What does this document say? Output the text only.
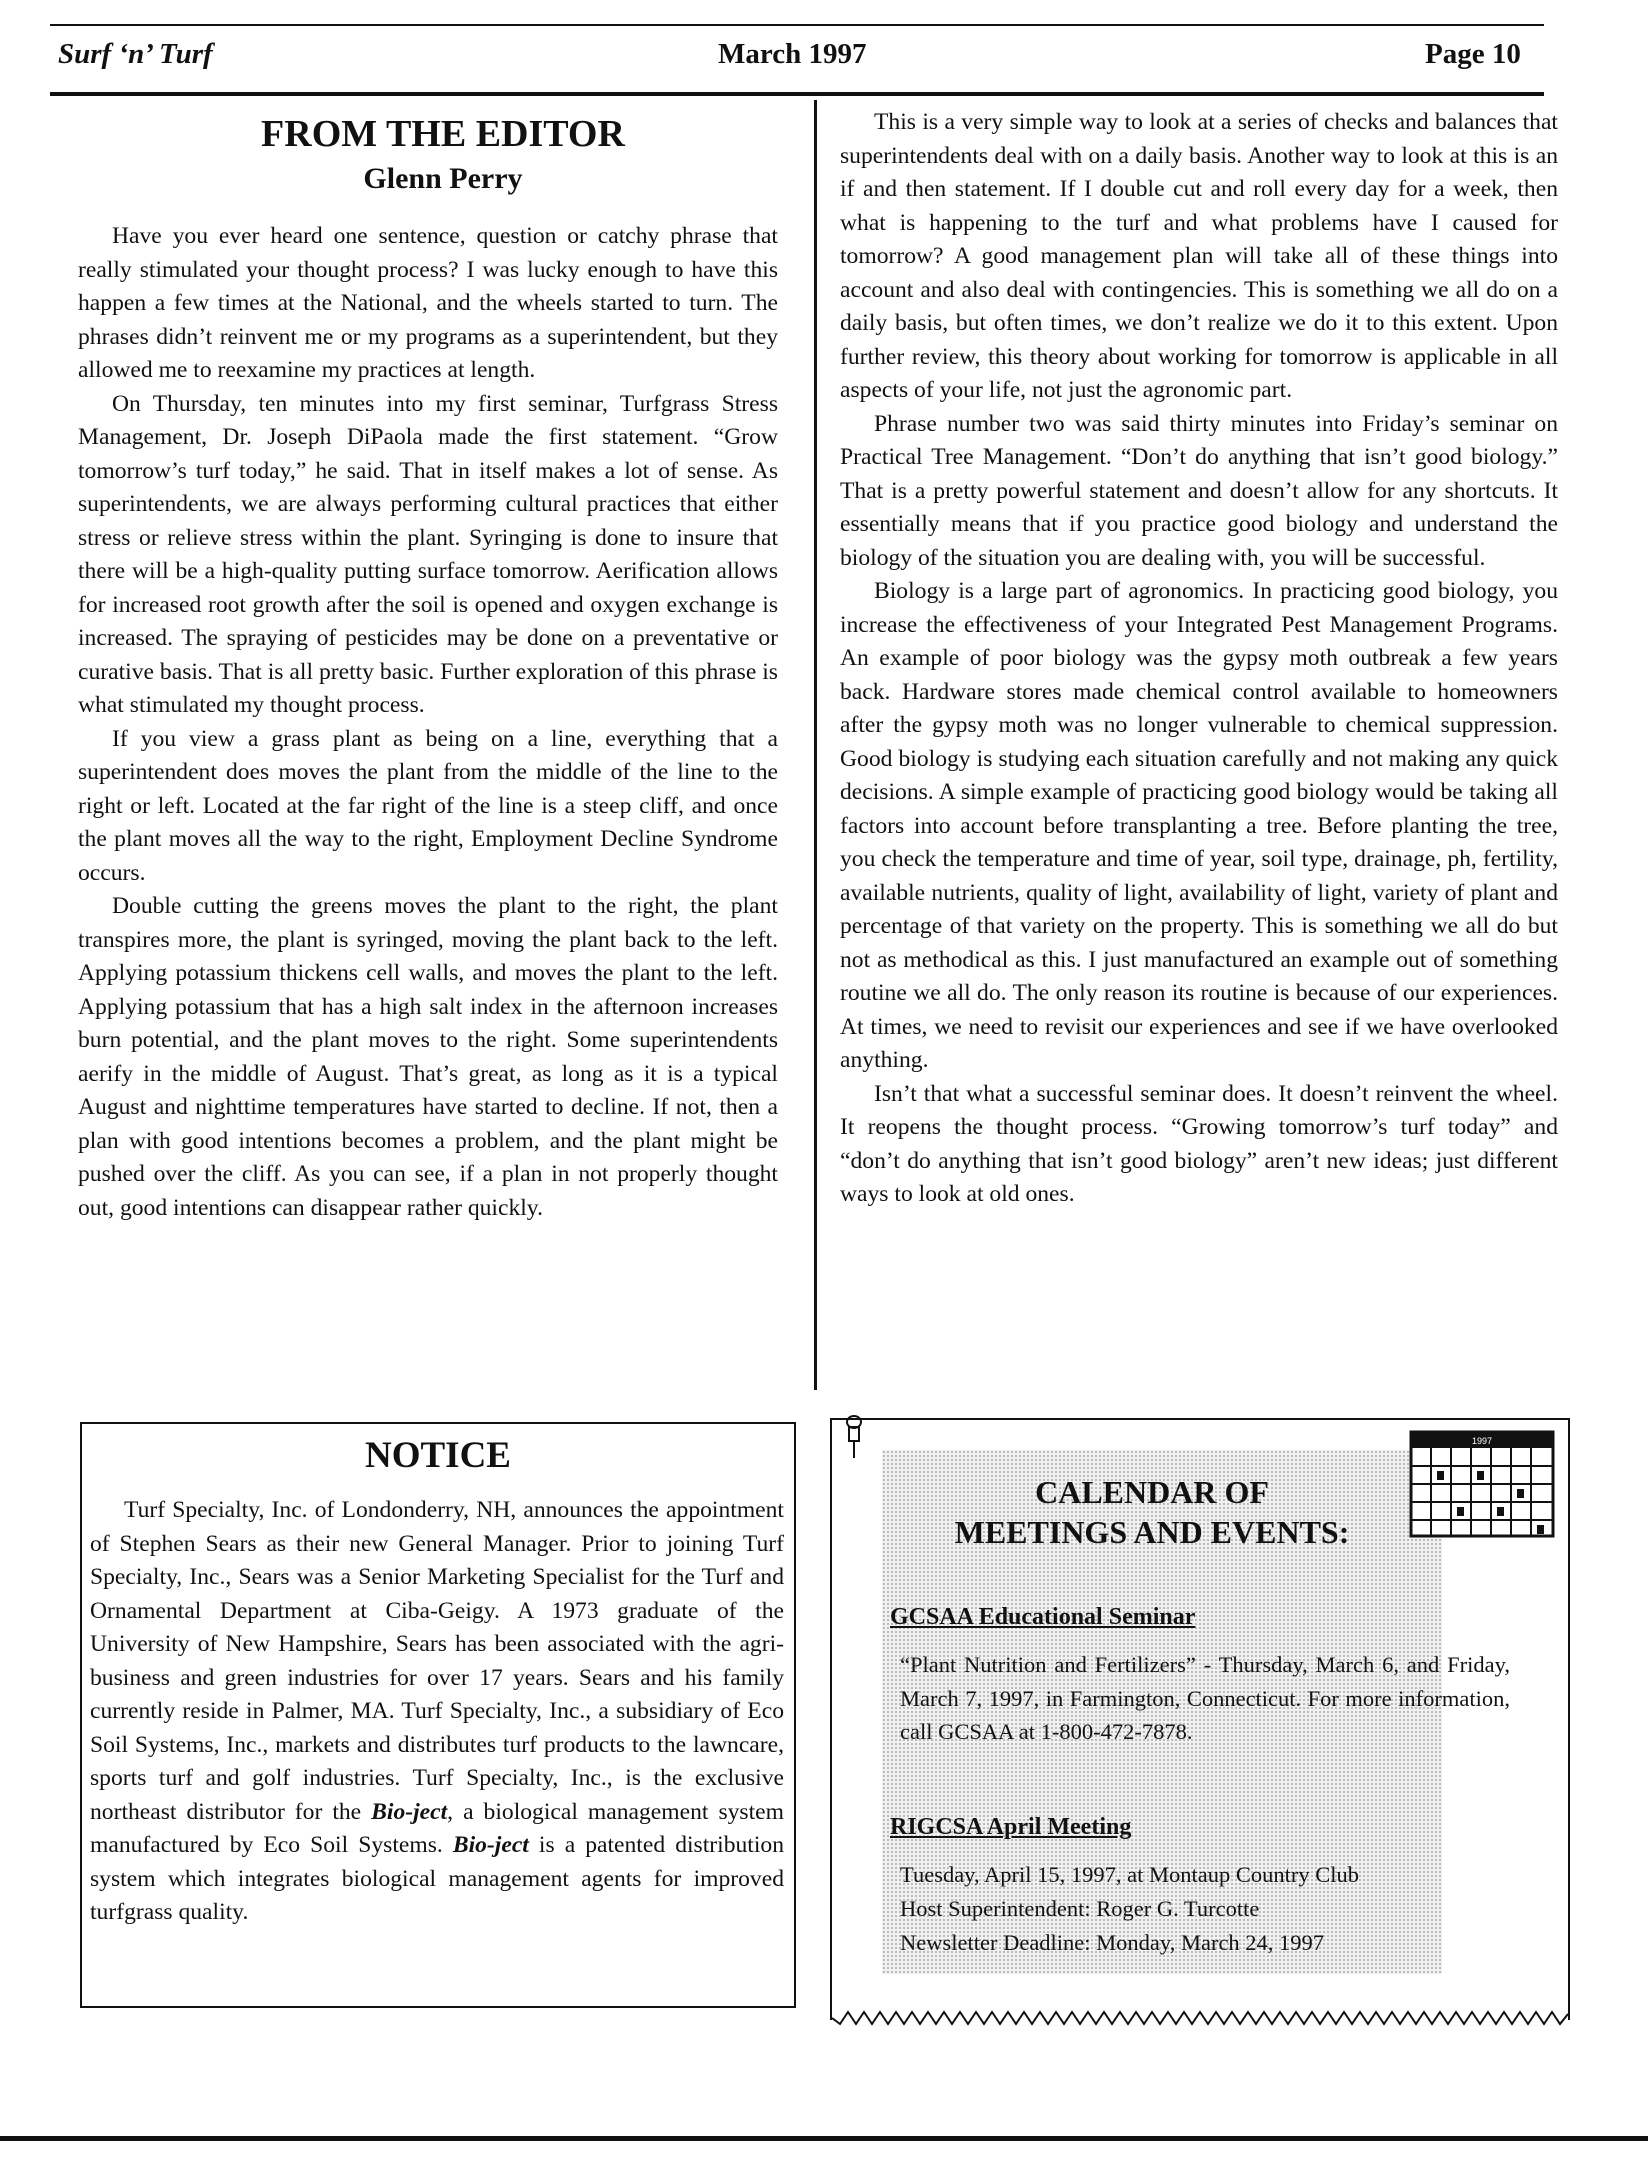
Surf ‘n’ Turf	March 1997	Page 10
FROM THE EDITOR
Glenn Perry

Have you ever heard one sentence, question or catchy phrase that really stimulated your thought process? I was lucky enough to have this happen a few times at the National, and the wheels started to turn. The phrases didn’t reinvent me or my programs as a superintendent, but they allowed me to reexamine my practices at length.

On Thursday, ten minutes into my first seminar, Turfgrass Stress Management, Dr. Joseph DiPaola made the first statement. “Grow tomorrow’s turf today,” he said. That in itself makes a lot of sense. As superintendents, we are always performing cultural practices that either stress or relieve stress within the plant. Syringing is done to insure that there will be a high-quality putting surface tomorrow. Aerification allows for increased root growth after the soil is opened and oxygen exchange is increased. The spraying of pesticides may be done on a preventative or curative basis. That is all pretty basic. Further exploration of this phrase is what stimulated my thought process.

If you view a grass plant as being on a line, everything that a superintendent does moves the plant from the middle of the line to the right or left. Located at the far right of the line is a steep cliff, and once the plant moves all the way to the right, Employment Decline Syndrome occurs.

Double cutting the greens moves the plant to the right, the plant transpires more, the plant is syringed, moving the plant back to the left. Applying potassium thickens cell walls, and moves the plant to the left. Applying potassium that has a high salt index in the afternoon increases burn potential, and the plant moves to the right. Some superintendents aerify in the middle of August. That’s great, as long as it is a typical August and nighttime temperatures have started to decline. If not, then a plan with good intentions becomes a problem, and the plant might be pushed over the cliff. As you can see, if a plan in not properly thought out, good intentions can disappear rather quickly.

This is a very simple way to look at a series of checks and balances that superintendents deal with on a daily basis. Another way to look at this is an if and then statement. If I double cut and roll every day for a week, then what is happening to the turf and what problems have I caused for tomorrow? A good management plan will take all of these things into account and also deal with contingencies. This is something we all do on a daily basis, but often times, we don’t realize we do it to this extent. Upon further review, this theory about working for tomorrow is applicable in all aspects of your life, not just the agronomic part.

Phrase number two was said thirty minutes into Friday’s seminar on Practical Tree Management. “Don’t do anything that isn’t good biology.” That is a pretty powerful statement and doesn’t allow for any shortcuts. It essentially means that if you practice good biology and understand the biology of the situation you are dealing with, you will be successful.

Biology is a large part of agronomics. In practicing good biology, you increase the effectiveness of your Integrated Pest Management Programs. An example of poor biology was the gypsy moth outbreak a few years back. Hardware stores made chemical control available to homeowners after the gypsy moth was no longer vulnerable to chemical suppression. Good biology is studying each situation carefully and not making any quick decisions. A simple example of practicing good biology would be taking all factors into account before transplanting a tree. Before planting the tree, you check the temperature and time of year, soil type, drainage, ph, fertility, available nutrients, quality of light, availability of light, variety of plant and percentage of that variety on the property. This is something we all do but not as methodical as this. I just manufactured an example out of something routine we all do. The only reason its routine is because of our experiences. At times, we need to revisit our experiences and see if we have overlooked anything.

Isn’t that what a successful seminar does. It doesn’t reinvent the wheel. It reopens the thought process. “Growing tomorrow’s turf today” and “don’t do anything that isn’t good biology” aren’t new ideas; just different ways to look at old ones.

NOTICE

Turf Specialty, Inc. of Londonderry, NH, announces the appointment of Stephen Sears as their new General Manager. Prior to joining Turf Specialty, Inc., Sears was a Senior Marketing Specialist for the Turf and Ornamental Department at Ciba-Geigy. A 1973 graduate of the University of New Hampshire, Sears has been associated with the agri-business and green industries for over 17 years. Sears and his family currently reside in Palmer, MA. Turf Specialty, Inc., a subsidiary of Eco Soil Systems, Inc., markets and distributes turf products to the lawncare, sports turf and golf industries. Turf Specialty, Inc., is the exclusive northeast distributor for the Bio-ject, a biological management system manufactured by Eco Soil Systems. Bio-ject is a patented distribution system which integrates biological management agents for improved turfgrass quality.

1997
CALENDAR OF
MEETINGS AND EVENTS:
GCSAA Educational Seminar
“Plant Nutrition and Fertilizers” - Thursday, March 6, and Friday, March 7, 1997, in Farmington, Connecticut. For more information, call GCSAA at 1-800-472-7878.
RIGCSA April Meeting
Tuesday, April 15, 1997, at Montaup Country Club
Host Superintendent: Roger G. Turcotte
Newsletter Deadline: Monday, March 24, 1997
